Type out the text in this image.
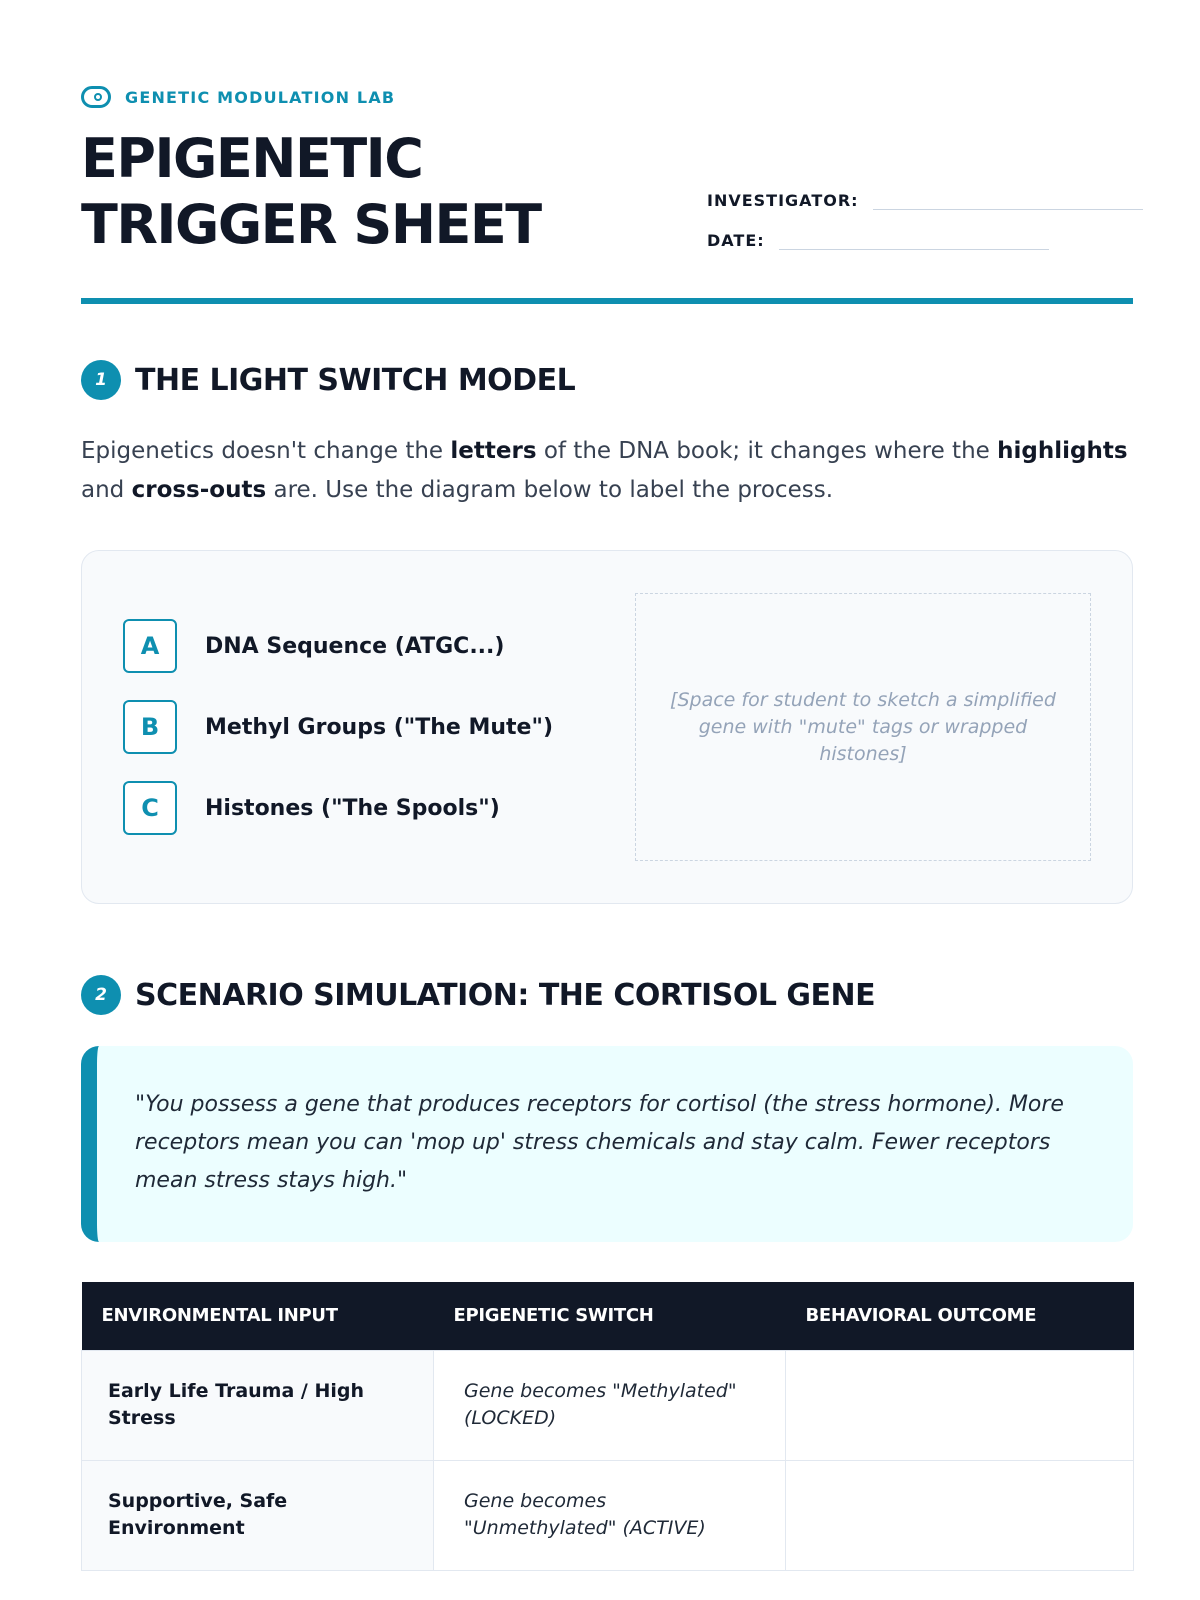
GENETIC MODULATION LAB
EPIGENETIC
TRIGGER SHEET	INVESTIGATOR:
DATE:
1 THE LIGHT SWITCH MODEL

Epigenetics doesn't change the letters of the DNA book; it changes where the highlights and cross-outs are. Use the diagram below to label the process.

A	DNA Sequence (ATGC...)
B	Methyl Groups ("The Mute")
C	Histones ("The Spools")

[Space for student to sketch a simplified gene with "mute" tags or wrapped histones]

2 SCENARIO SIMULATION: THE CORTISOL GENE

"You possess a gene that produces receptors for cortisol (the stress hormone). More receptors mean you can 'mop up' stress chemicals and stay calm. Fewer receptors mean stress stays high."

ENVIRONMENTAL INPUT	EPIGENETIC SWITCH	BEHAVIORAL OUTCOME
Early Life Trauma / High Stress	Gene becomes "Methylated" (LOCKED)	
Supportive, Safe Environment	Gene becomes "Unmethylated" (ACTIVE)	
